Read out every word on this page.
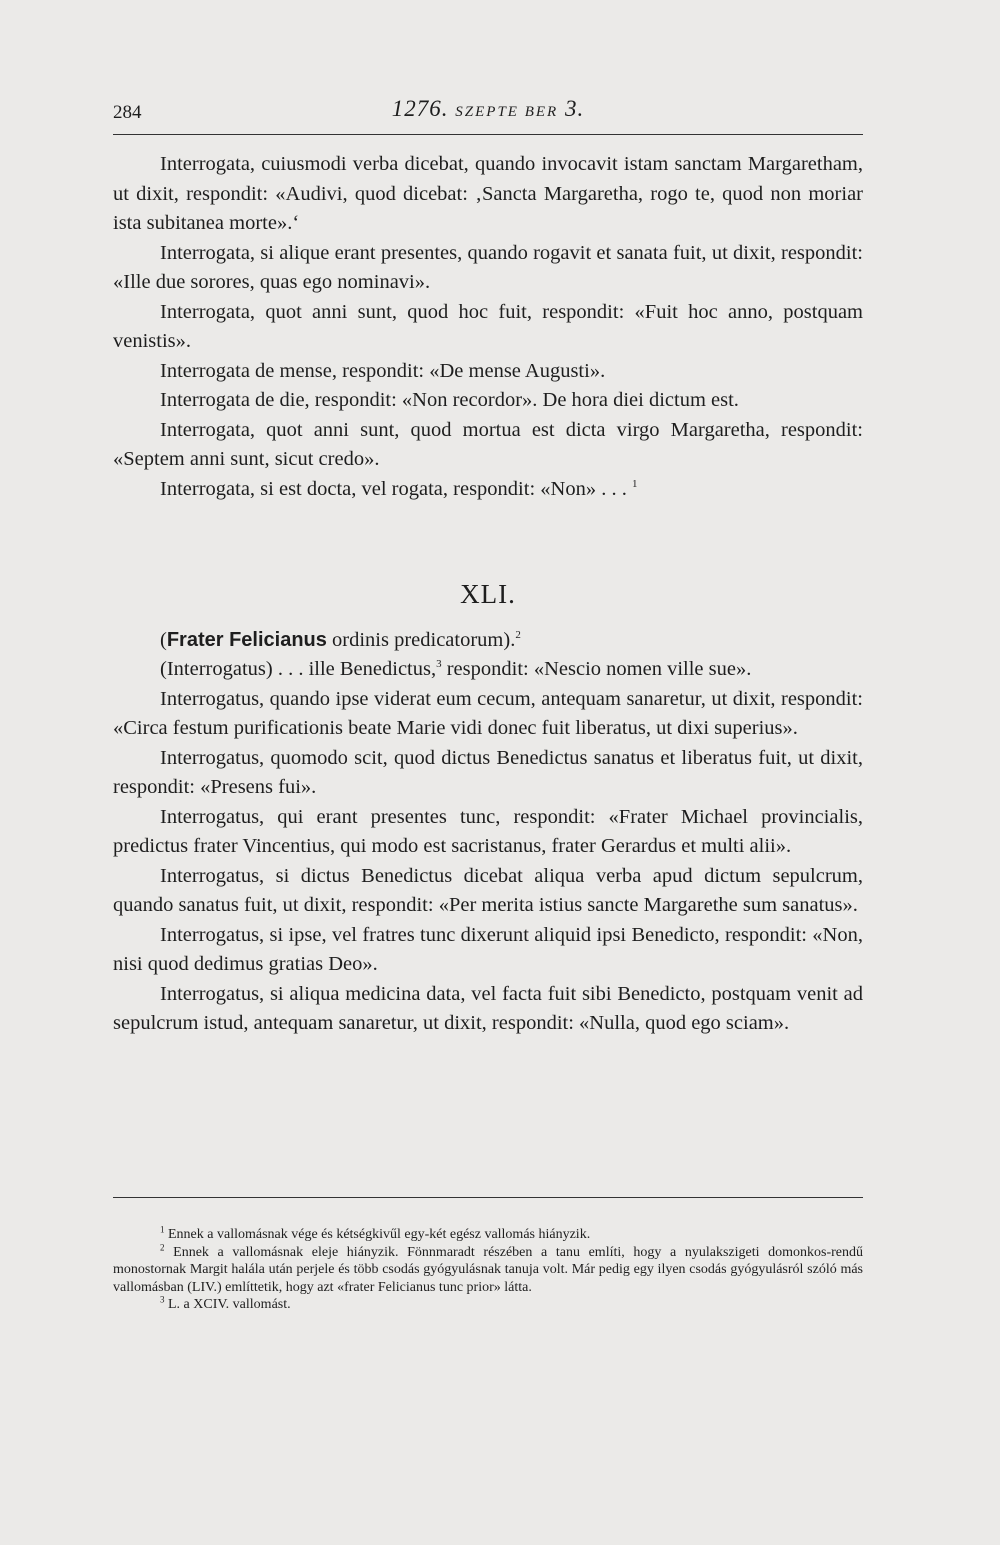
284	1276. SZEPTE BER 3.

Interrogata, cuiusmodi verba dicebat, quando invocavit istam sanctam Margaretham, ut dixit, respondit: «Audivi, quod dicebat: ‚Sancta Margaretha, rogo te, quod non moriar ista subitanea morte».‘

Interrogata, si alique erant presentes, quando rogavit et sanata fuit, ut dixit, respondit: «Ille due sorores, quas ego nominavi».

Interrogata, quot anni sunt, quod hoc fuit, respondit: «Fuit hoc anno, postquam venistis».

Interrogata de mense, respondit: «De mense Augusti».

Interrogata de die, respondit: «Non recordor». De hora diei dictum est.

Interrogata, quot anni sunt, quod mortua est dicta virgo Margaretha, respondit: «Septem anni sunt, sicut credo».

Interrogata, si est docta, vel rogata, respondit: «Non» . . . $^1$

XLI.

(Frater Felicianus ordinis predicatorum).$^2$

(Interrogatus) . . . ille Benedictus,$^3$ respondit: «Nescio nomen ville sue».

Interrogatus, quando ipse viderat eum cecum, antequam sanaretur, ut dixit, respondit: «Circa festum purificationis beate Marie vidi donec fuit liberatus, ut dixi superius».

Interrogatus, quomodo scit, quod dictus Benedictus sanatus et liberatus fuit, ut dixit, respondit: «Presens fui».

Interrogatus, qui erant presentes tunc, respondit: «Frater Michael provincialis, predictus frater Vincentius, qui modo est sacristanus, frater Gerardus et multi alii».

Interrogatus, si dictus Benedictus dicebat aliqua verba apud dictum sepulcrum, quando sanatus fuit, ut dixit, respondit: «Per merita istius sancte Margarethe sum sanatus».

Interrogatus, si ipse, vel fratres tunc dixerunt aliquid ipsi Benedicto, respondit: «Non, nisi quod dedimus gratias Deo».

Interrogatus, si aliqua medicina data, vel facta fuit sibi Benedicto, postquam venit ad sepulcrum istud, antequam sanaretur, ut dixit, respondit: «Nulla, quod ego sciam».

$^1$ Ennek a vallomásnak vége és kétségkivűl egy-két egész vallomás hiányzik.

$^2$ Ennek a vallomásnak eleje hiányzik. Fönnmaradt részében a tanu említi, hogy a nyulakszigeti domonkos-rendű monostornak Margit halála után perjele és több csodás gyógyulásnak tanuja volt. Már pedig egy ilyen csodás gyógyulásról szóló más vallomásban (LIV.) említtetik, hogy azt «frater Felicianus tunc prior» látta.

$^3$ L. a XCIV. vallomást.
